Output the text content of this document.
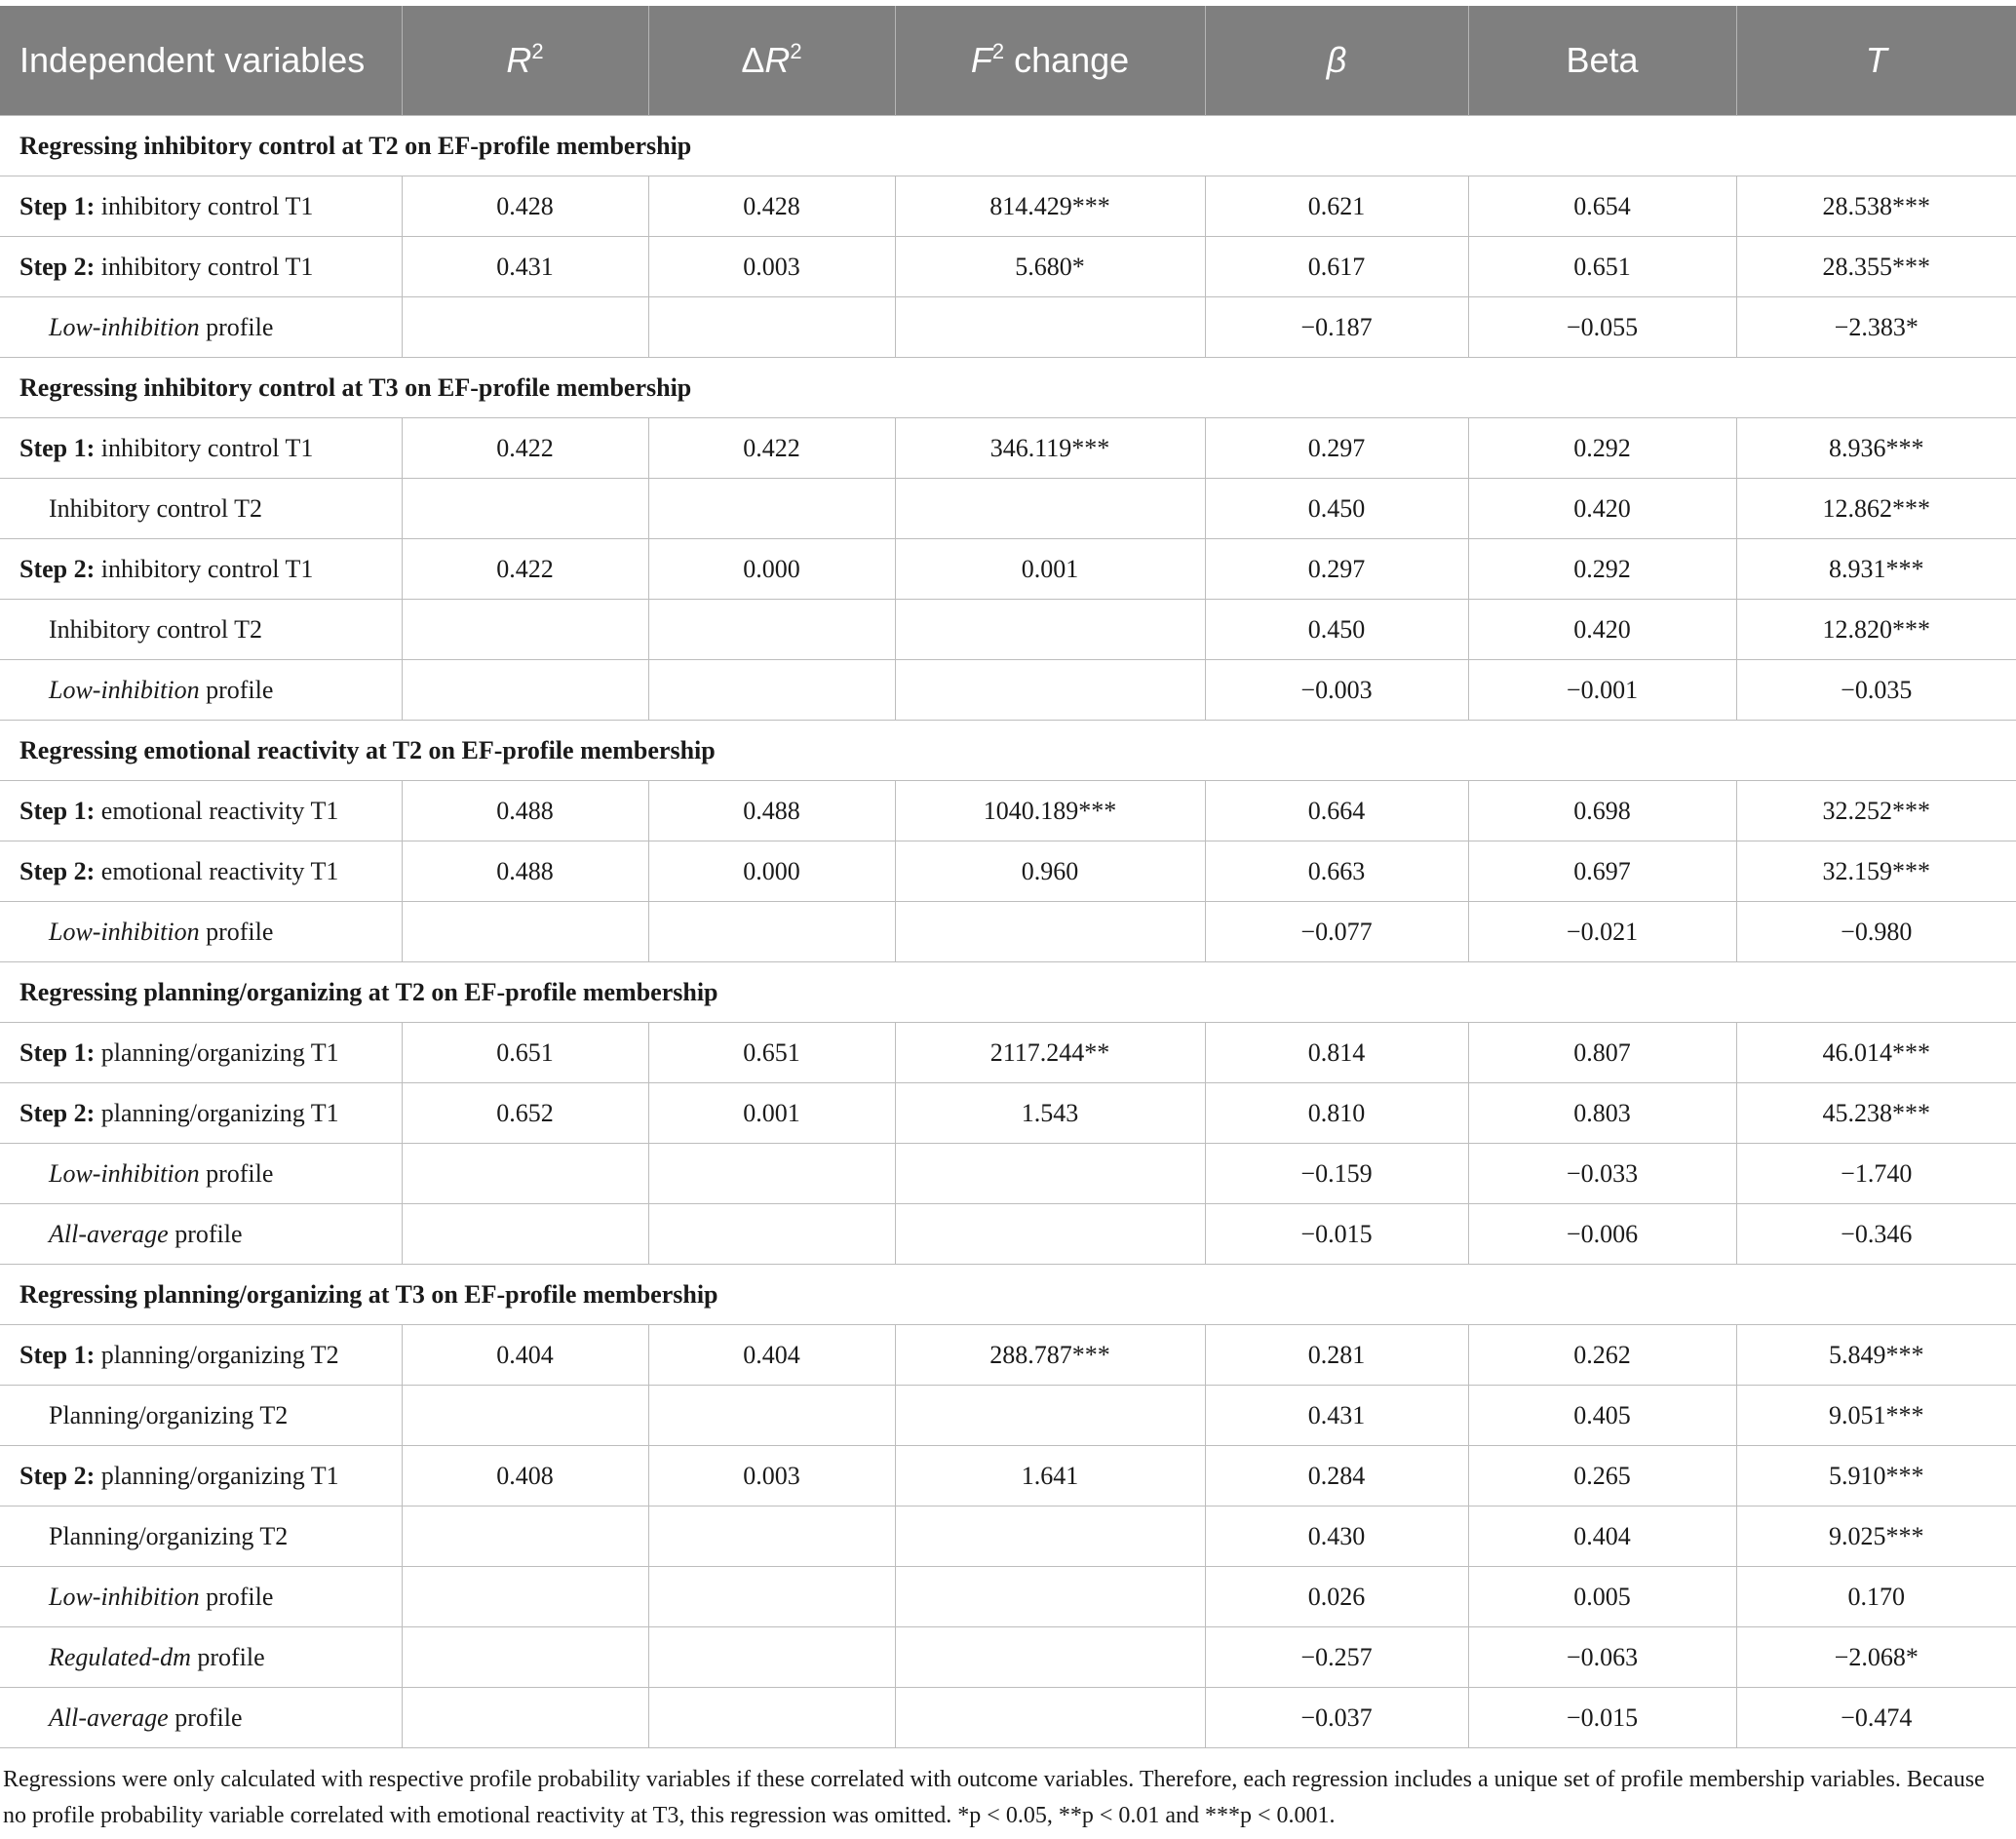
Independent variables	$R^2$	$\Delta R^2$	$F^2$ change	β	Beta	T
Regressing inhibitory control at T2 on EF-profile membership						
Step 1: inhibitory control T1	0.428	0.428	814.429***	0.621	0.654	28.538***
Step 2: inhibitory control T1	0.431	0.003	5.680*	0.617	0.651	28.355***
Low-inhibition profile				−0.187	−0.055	−2.383*
Regressing inhibitory control at T3 on EF-profile membership						
Step 1: inhibitory control T1	0.422	0.422	346.119***	0.297	0.292	8.936***
Inhibitory control T2				0.450	0.420	12.862***
Step 2: inhibitory control T1	0.422	0.000	0.001	0.297	0.292	8.931***
Inhibitory control T2				0.450	0.420	12.820***
Low-inhibition profile				−0.003	−0.001	−0.035
Regressing emotional reactivity at T2 on EF-profile membership						
Step 1: emotional reactivity T1	0.488	0.488	1040.189***	0.664	0.698	32.252***
Step 2: emotional reactivity T1	0.488	0.000	0.960	0.663	0.697	32.159***
Low-inhibition profile				−0.077	−0.021	−0.980
Regressing planning/organizing at T2 on EF-profile membership						
Step 1: planning/organizing T1	0.651	0.651	2117.244**	0.814	0.807	46.014***
Step 2: planning/organizing T1	0.652	0.001	1.543	0.810	0.803	45.238***
Low-inhibition profile				−0.159	−0.033	−1.740
All-average profile				−0.015	−0.006	−0.346
Regressing planning/organizing at T3 on EF-profile membership						
Step 1: planning/organizing T2	0.404	0.404	288.787***	0.281	0.262	5.849***
Planning/organizing T2				0.431	0.405	9.051***
Step 2: planning/organizing T1	0.408	0.003	1.641	0.284	0.265	5.910***
Planning/organizing T2				0.430	0.404	9.025***
Low-inhibition profile				0.026	0.005	0.170
Regulated-dm profile				−0.257	−0.063	−2.068*
All-average profile				−0.037	−0.015	−0.474
Regressions were only calculated with respective profile probability variables if these correlated with outcome variables. Therefore, each regression includes a unique set of profile membership variables. Because no profile probability variable correlated with emotional reactivity at T3, this regression was omitted. *p < 0.05, **p < 0.01 and ***p < 0.001.
